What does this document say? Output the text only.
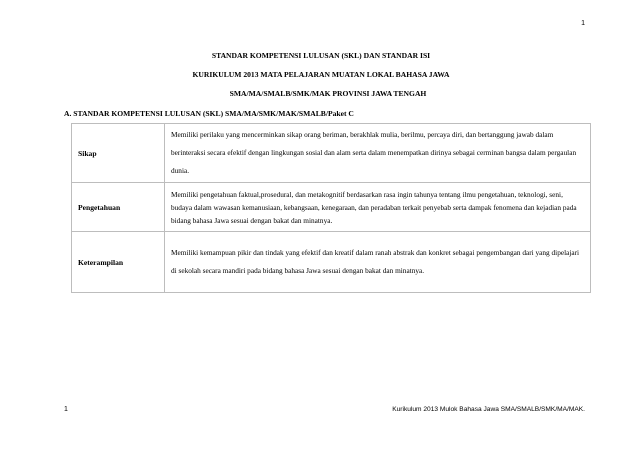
1
STANDAR KOMPETENSI LULUSAN (SKL) DAN STANDAR ISI
KURIKULUM 2013 MATA PELAJARAN MUATAN LOKAL BAHASA JAWA
SMA/MA/SMALB/SMK/MAK PROVINSI JAWA TENGAH
A. STANDAR KOMPETENSI LULUSAN (SKL) SMA/MA/SMK/MAK/SMALB/Paket C
Sikap	Memiliki perilaku yang mencerminkan sikap orang beriman, berakhlak mulia, berilmu, percaya diri, dan bertanggung jawab dalam berinteraksi secara efektif dengan lingkungan sosial dan alam serta dalam menempatkan dirinya sebagai cerminan bangsa dalam pergaulan dunia.
Pengetahuan	Memiliki pengetahuan faktual,prosedural, dan metakognitif berdasarkan rasa ingin tahunya tentang ilmu pengetahuan, teknologi, seni, budaya dalam wawasan kemanusiaan, kebangsaan, kenegaraan, dan peradaban terkait penyebab serta dampak fenomena dan kejadian pada bidang bahasa Jawa sesuai dengan bakat dan minatnya.
Keterampilan	Memiliki kemampuan pikir dan tindak yang efektif dan kreatif dalam ranah abstrak dan konkret sebagai pengembangan dari yang dipelajari di sekolah secara mandiri pada bidang bahasa Jawa sesuai dengan bakat dan minatnya.
1	Kurikulum 2013 Mulok Bahasa Jawa SMA/SMALB/SMK/MA/MAK.
